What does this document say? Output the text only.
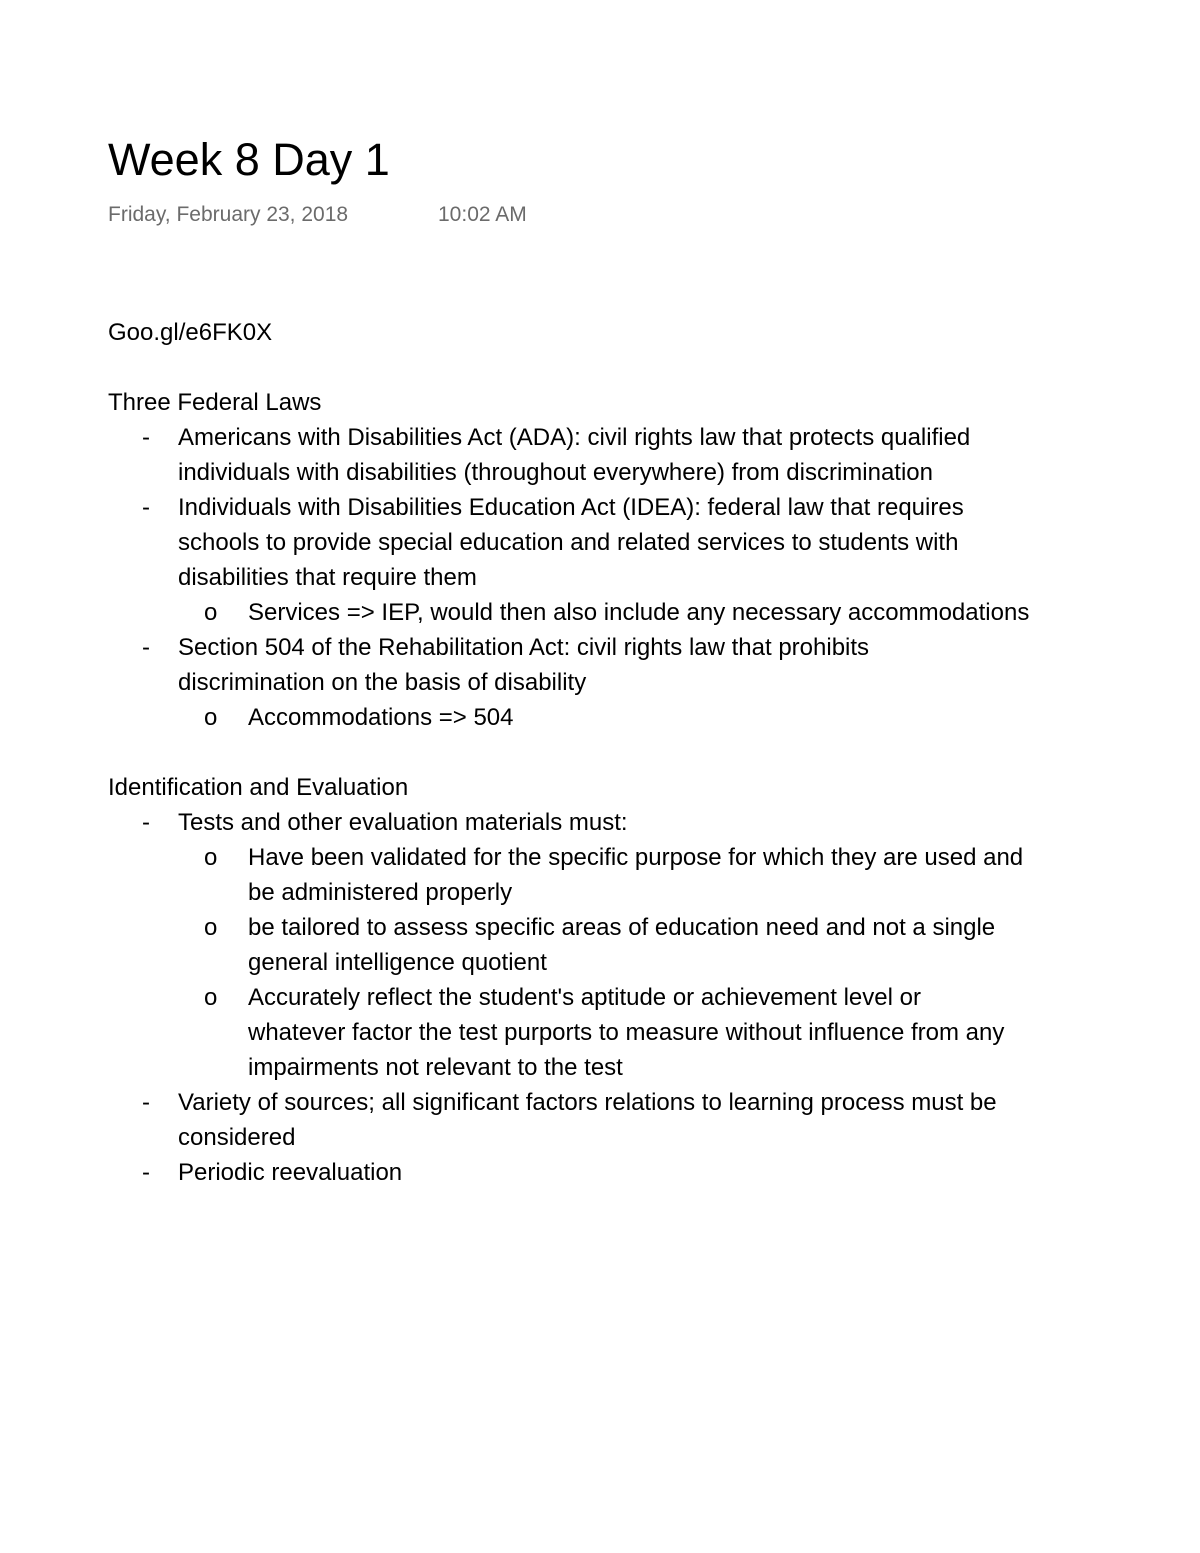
Week 8 Day 1
Friday, February 23, 2018	10:02 AM
Goo.gl/e6FK0X
Three Federal Laws
- Americans with Disabilities Act (ADA): civil rights law that protects qualified
individuals with disabilities (throughout everywhere) from discrimination
- Individuals with Disabilities Education Act (IDEA): federal law that requires
schools to provide special education and related services to students with
disabilities that require them
o Services => IEP, would then also include any necessary accommodations
- Section 504 of the Rehabilitation Act: civil rights law that prohibits
discrimination on the basis of disability
o Accommodations => 504
Identification and Evaluation
- Tests and other evaluation materials must:
o Have been validated for the specific purpose for which they are used and
be administered properly
o be tailored to assess specific areas of education need and not a single
general intelligence quotient
o Accurately reflect the student's aptitude or achievement level or
whatever factor the test purports to measure without influence from any
impairments not relevant to the test
- Variety of sources; all significant factors relations to learning process must be
considered
- Periodic reevaluation
